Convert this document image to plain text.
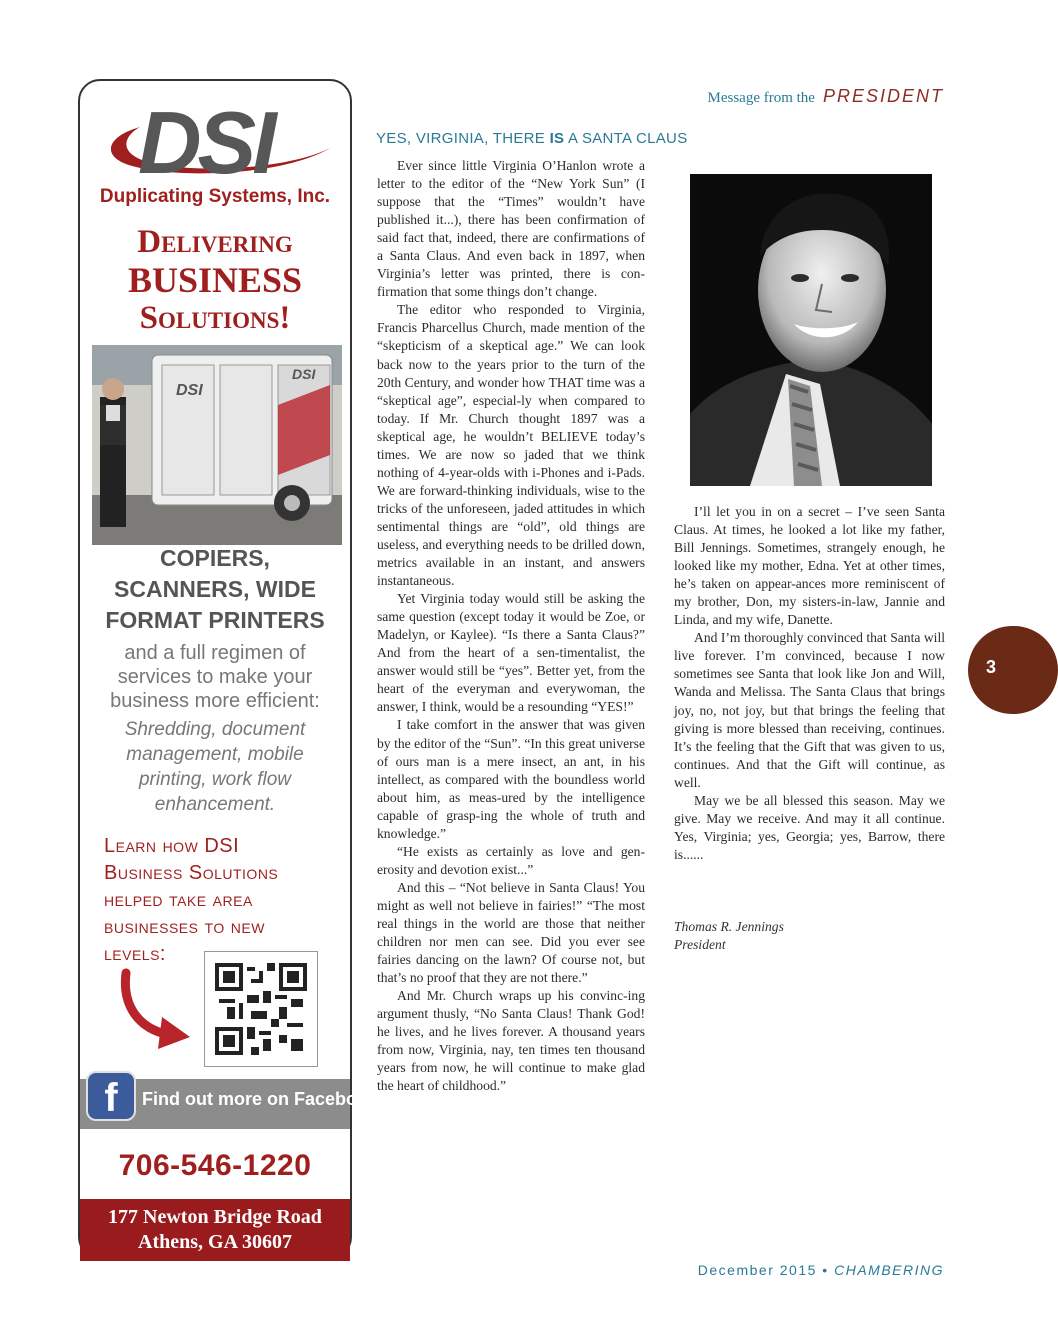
Message from the PRESIDENT
DSI
Duplicating Systems, Inc.
Delivering
BUSINESS
Solutions!
DSI
DSI
COPIERS,
SCANNERS, WIDE
FORMAT PRINTERS
and a full regimen of
services to make your
business more efficient:
Shredding, document
management, mobile
printing, work flow
enhancement.
Learn how DSI
Business Solutions
helped take area
businesses to new
levels:
f	Find out more on Facebook
706-546-1220
177 Newton Bridge Road
Athens, GA 30607
YES, VIRGINIA, THERE IS A SANTA CLAUS

Ever since little Virginia O’Hanlon wrote a letter to the editor of the “New York Sun” (I suppose that the “Times” wouldn’t have published it...), there has been confirmation of said fact that, indeed, there are confirmations of a Santa Claus. And even back in 1897, when Virginia’s letter was printed, there is con-firmation that some things don’t change.

The editor who responded to Virginia, Francis Pharcellus Church, made mention of the “skepticism of a skeptical age.” We can look back now to the years prior to the turn of the 20th Century, and wonder how THAT time was a “skeptical age”, especial-ly when compared to today. If Mr. Church thought 1897 was a skeptical age, he wouldn’t BELIEVE today’s times. We are now so jaded that we think nothing of 4-year-olds with i-Phones and i-Pads. We are forward-thinking individuals, wise to the tricks of the unforeseen, jaded attitudes in which sentimental things are “old”, old things are useless, and everything needs to be drilled down, metrics available in an instant, and answers instantaneous.

Yet Virginia today would still be asking the same question (except today it would be Zoe, or Madelyn, or Kaylee). “Is there a Santa Claus?” And from the heart of a sen-timentalist, the answer would still be “yes”. Better yet, from the heart of the everyman and everywoman, the answer, I think, would be a resounding “YES!”

I take comfort in the answer that was given by the editor of the “Sun”. “In this great universe of ours man is a mere insect, an ant, in his intellect, as compared with the boundless world about him, as meas-ured by the intelligence capable of grasp-ing the whole of truth and knowledge.”

“He exists as certainly as love and gen-erosity and devotion exist...”

And this – “Not believe in Santa Claus! You might as well not believe in fairies!” “The most real things in the world are those that neither children nor men can see. Did you ever see fairies dancing on the lawn? Of course not, but that’s no proof that they are not there.”

And Mr. Church wraps up his convinc-ing argument thusly, “No Santa Claus! Thank God! he lives, and he lives forever. A thousand years from now, Virginia, nay, ten times ten thousand years from now, he will continue to make glad the heart of childhood.”

I’ll let you in on a secret – I’ve seen Santa Claus. At times, he looked a lot like my father, Bill Jennings. Sometimes, strangely enough, he looked like my mother, Edna. Yet at other times, he’s taken on appear-ances more reminiscent of my brother, Don, my sisters-in-law, Jannie and Linda, and my wife, Danette.

And I’m thoroughly convinced that Santa will live forever. I’m convinced, because I now sometimes see Santa that look like Jon and Will, Wanda and Melissa. The Santa Claus that brings joy, no, not joy, but that brings the feeling that giving is more blessed than receiving, continues. It’s the feeling that the Gift that was given to us, continues. And that the Gift will continue, as well.

May we be all blessed this season. May we give. May we receive. And may it all continue. Yes, Virginia; yes, Georgia; yes, Barrow, there is......

Thomas R. Jennings
President
3
December 2015 • CHAMBERING
